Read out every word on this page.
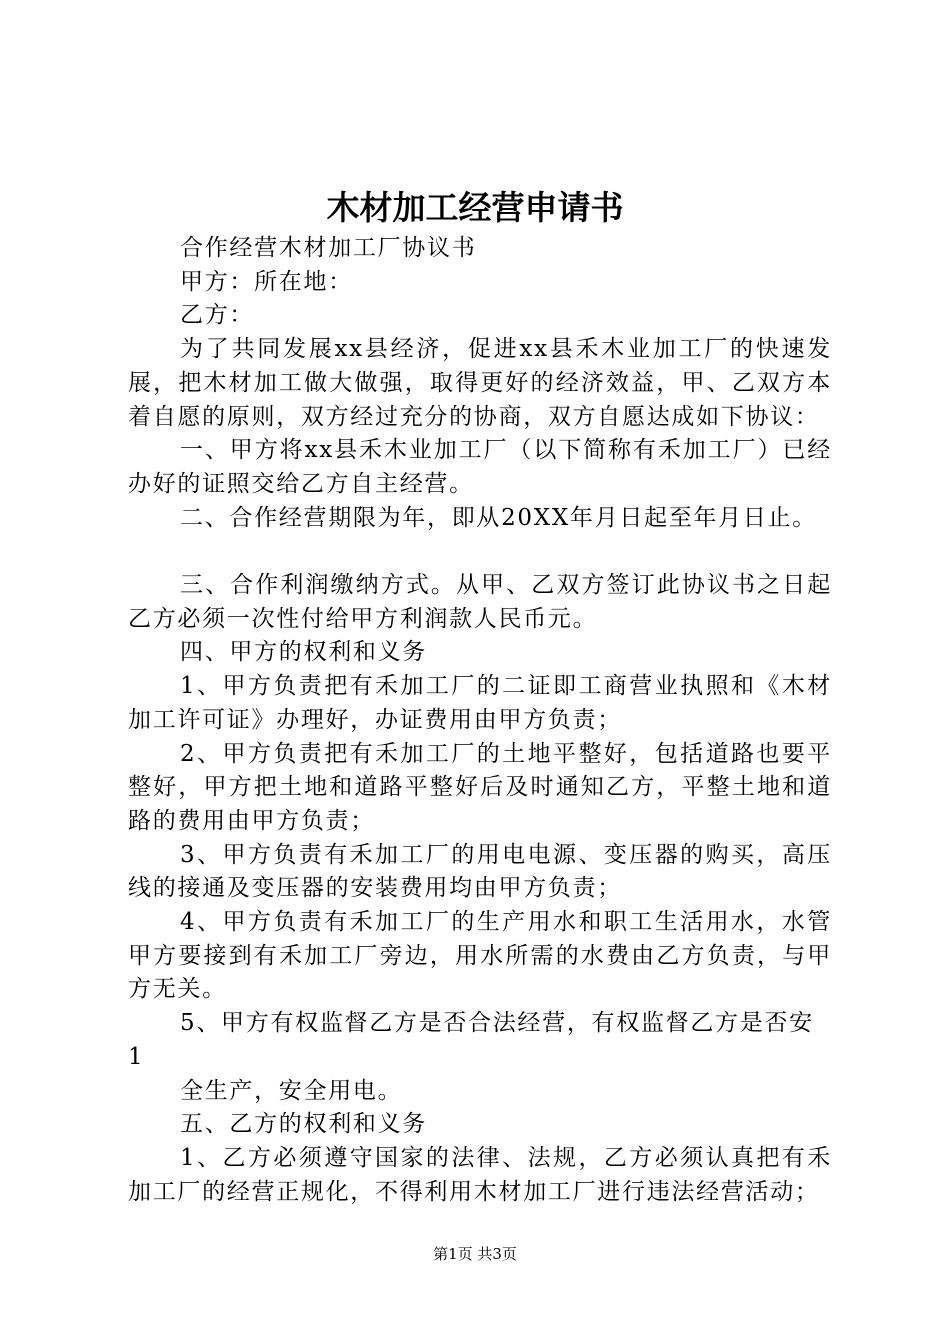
木材加工经营申请书

合作经营木材加工厂协议书

甲方：所在地：

乙方：

为了共同发展xx县经济，促进xx县禾木业加工厂的快速发展，把木材加工做大做强，取得更好的经济效益，甲、乙双方本着自愿的原则，双方经过充分的协商，双方自愿达成如下协议：

一、甲方将xx县禾木业加工厂（以下简称有禾加工厂）已经办好的证照交给乙方自主经营。

二、合作经营期限为年，即从20XX年月日起至年月日止。

三、合作利润缴纳方式。从甲、乙双方签订此协议书之日起乙方必须一次性付给甲方利润款人民币元。

四、甲方的权利和义务

1、甲方负责把有禾加工厂的二证即工商营业执照和《木材加工许可证》办理好，办证费用由甲方负责；

2、甲方负责把有禾加工厂的土地平整好，包括道路也要平整好，甲方把土地和道路平整好后及时通知乙方，平整土地和道路的费用由甲方负责；

3、甲方负责有禾加工厂的用电电源、变压器的购买，高压线的接通及变压器的安装费用均由甲方负责；

4、甲方负责有禾加工厂的生产用水和职工生活用水，水管甲方要接到有禾加工厂旁边，用水所需的水费由乙方负责，与甲方无关。

5、甲方有权监督乙方是否合法经营，有权监督乙方是否安

1

全生产，安全用电。

五、乙方的权利和义务

1、乙方必须遵守国家的法律、法规，乙方必须认真把有禾加工厂的经营正规化，不得利用木材加工厂进行违法经营活动；

第1页 共3页
